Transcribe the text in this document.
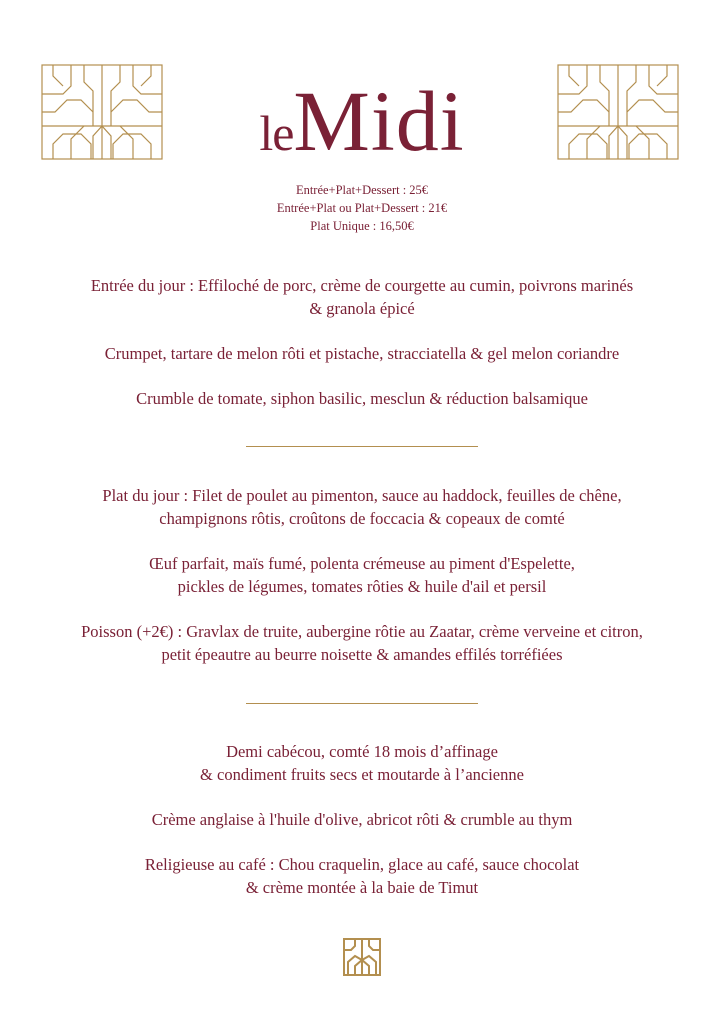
leMidi
Entrée+Plat+Dessert : 25€
Entrée+Plat ou Plat+Dessert : 21€
Plat Unique : 16,50€

Entrée du jour : Effiloché de porc, crème de courgette au cumin, poivrons marinés
& granola épicé

Crumpet, tartare de melon rôti et pistache, stracciatella & gel melon coriandre

Crumble de tomate, siphon basilic, mesclun & réduction balsamique

Plat du jour : Filet de poulet au pimenton, sauce au haddock, feuilles de chêne,
champignons rôtis, croûtons de foccacia & copeaux de comté

Œuf parfait, maïs fumé, polenta crémeuse au piment d'Espelette,
pickles de légumes, tomates rôties & huile d'ail et persil

Poisson (+2€) : Gravlax de truite, aubergine rôtie au Zaatar, crème verveine et citron,
petit épeautre au beurre noisette & amandes effilés torréfiées

Demi cabécou, comté 18 mois d’affinage
& condiment fruits secs et moutarde à l’ancienne

Crème anglaise à l'huile d'olive, abricot rôti & crumble au thym

Religieuse au café : Chou craquelin, glace au café, sauce chocolat
& crème montée à la baie de Timut
